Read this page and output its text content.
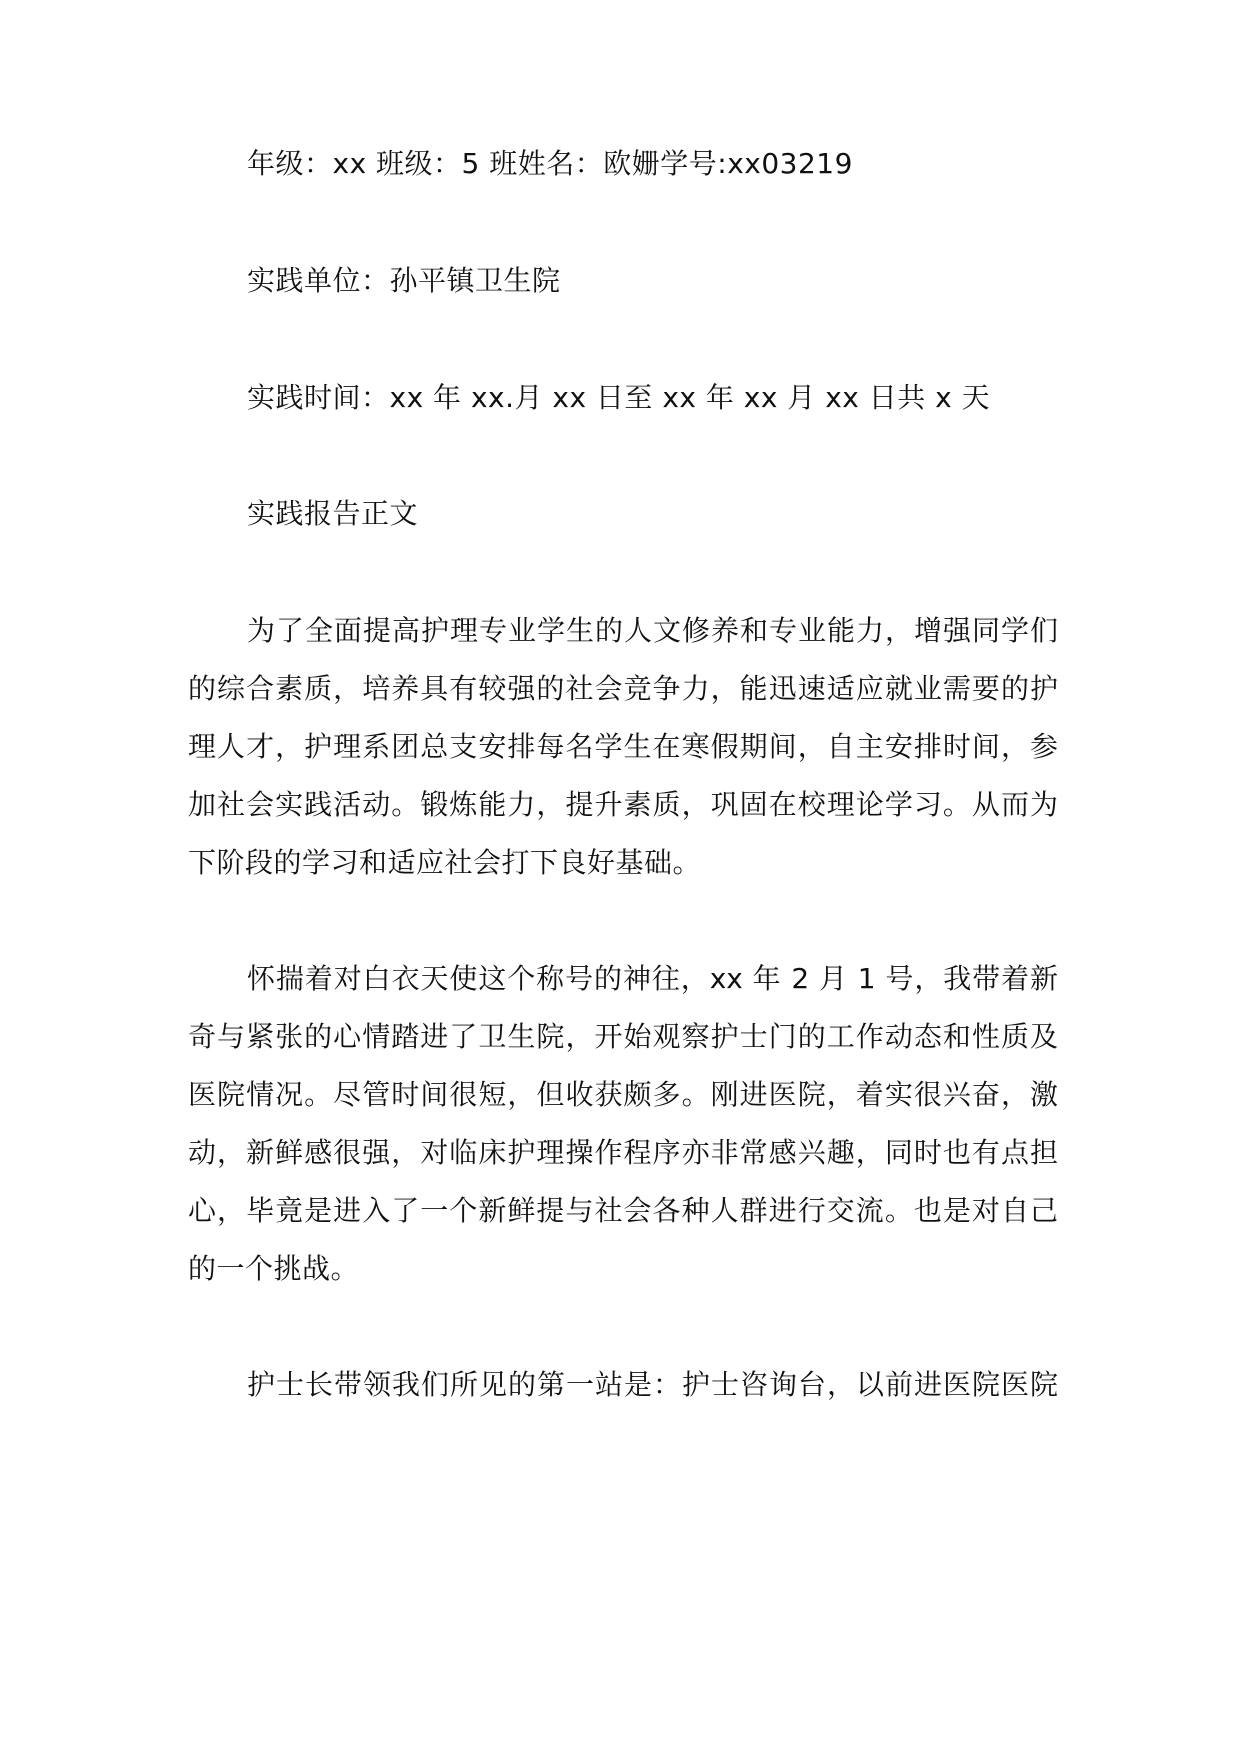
年级：xx 班级：5 班姓名：欧姗学号:xx03219
实践单位：孙平镇卫生院
实践时间：xx 年 xx.月 xx 日至 xx 年 xx 月 xx 日共 x 天
实践报告正文
为了全面提高护理专业学生的人文修养和专业能力，增强同学们
的综合素质，培养具有较强的社会竞争力，能迅速适应就业需要的护
理人才，护理系团总支安排每名学生在寒假期间，自主安排时间，参
加社会实践活动。锻炼能力，提升素质，巩固在校理论学习。从而为
下阶段的学习和适应社会打下良好基础。
怀揣着对白衣天使这个称号的神往，xx 年 2 月 1 号，我带着新
奇与紧张的心情踏进了卫生院，开始观察护士门的工作动态和性质及
医院情况。尽管时间很短，但收获颇多。刚进医院，着实很兴奋，激
动，新鲜感很强，对临床护理操作程序亦非常感兴趣，同时也有点担
心，毕竟是进入了一个新鲜提与社会各种人群进行交流。也是对自己
的一个挑战。
护士长带领我们所见的第一站是：护士咨询台，以前进医院医院
